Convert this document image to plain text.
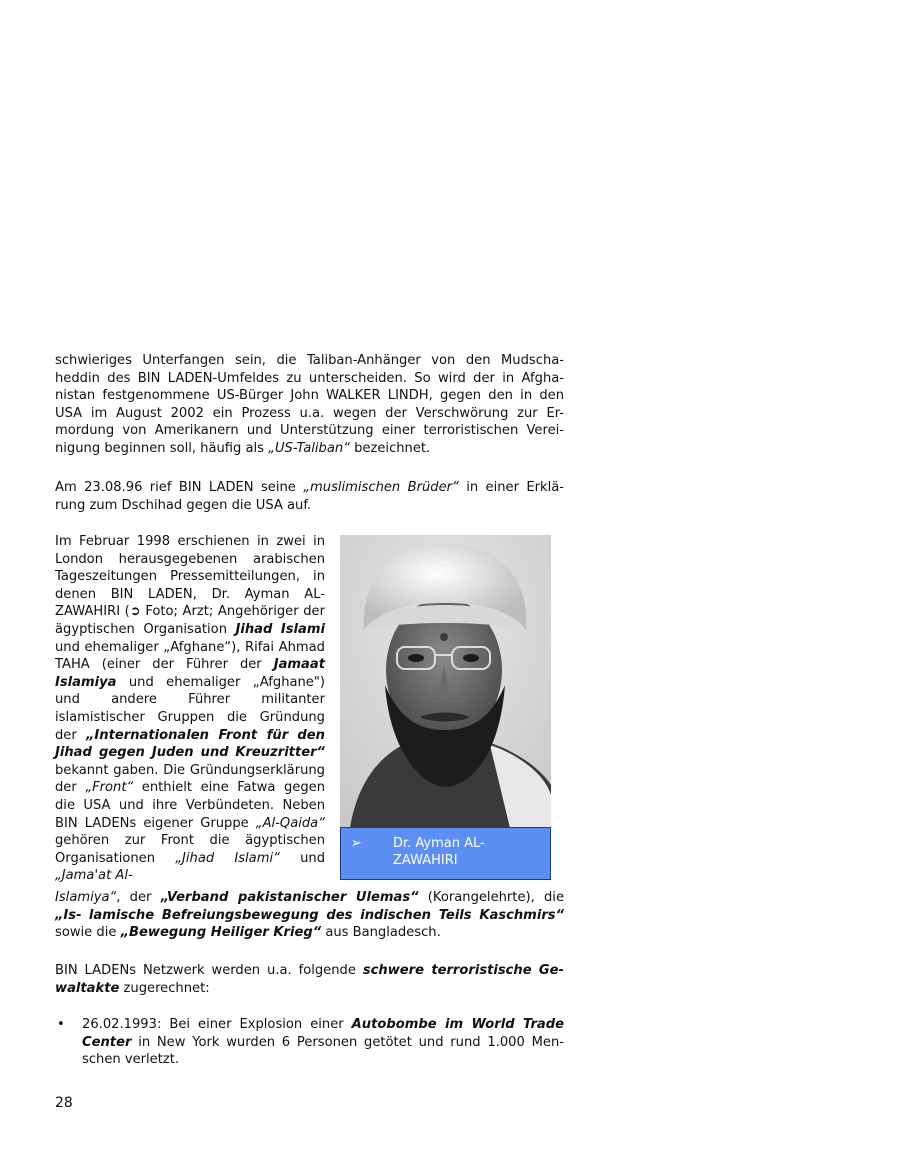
schwieriges Unterfangen sein, die Taliban-Anhänger von den Mudscha- heddin des BIN LADEN-Umfeldes zu unterscheiden. So wird der in Afgha- nistan festgenommene US-Bürger John WALKER LINDH, gegen den in den USA im August 2002 ein Prozess u.a. wegen der Verschwörung zur Er- mordung von Amerikanern und Unterstützung einer terroristischen Verei- nigung beginnen soll, häufig als „US-Taliban“ bezeichnet.

Am 23.08.96 rief BIN LADEN seine „muslimischen Brüder“ in einer Erklä- rung zum Dschihad gegen die USA auf.

Im Februar 1998 erschienen in zwei in London herausgegebenen arabischen Tageszeitungen Pressemitteilungen, in denen BIN LADEN, Dr. Ayman AL- ZAWAHIRI (➲ Foto; Arzt; Angehöriger der ägyptischen Organisation Jihad Islami und ehemaliger „Afghane“), Rifai Ahmad TAHA (einer der Führer der Jamaat Islamiya und ehemaliger „Afghane") und andere Führer militanter islamistischer Gruppen die Gründung der „Internationalen Front für den Jihad gegen Juden und Kreuzritter“ bekannt gaben. Die Gründungserklärung der „Front“ enthielt eine Fatwa gegen die USA und ihre Verbündeten. Neben BIN LADENs eigener Gruppe „Al-Qaida“ gehören zur Front die ägyptischen Organisationen „Jihad Islami“ und „Jama'at Al-

Islamiya“, der „Verband pakistanischer Ulemas“ (Korangelehrte), die „Is- lamische Befreiungsbewegung des indischen Teils Kaschmirs“ sowie die „Bewegung Heiliger Krieg“ aus Bangladesch.

BIN LADENs Netzwerk werden u.a. folgende schwere terroristische Ge- waltakte zugerechnet:

• 26.02.1993: Bei einer Explosion einer Autobombe im World Trade Center in New York wurden 6 Personen getötet und rund 1.000 Men- schen verletzt.

➢ Dr. Ayman AL-
ZAWAHIRI
28
